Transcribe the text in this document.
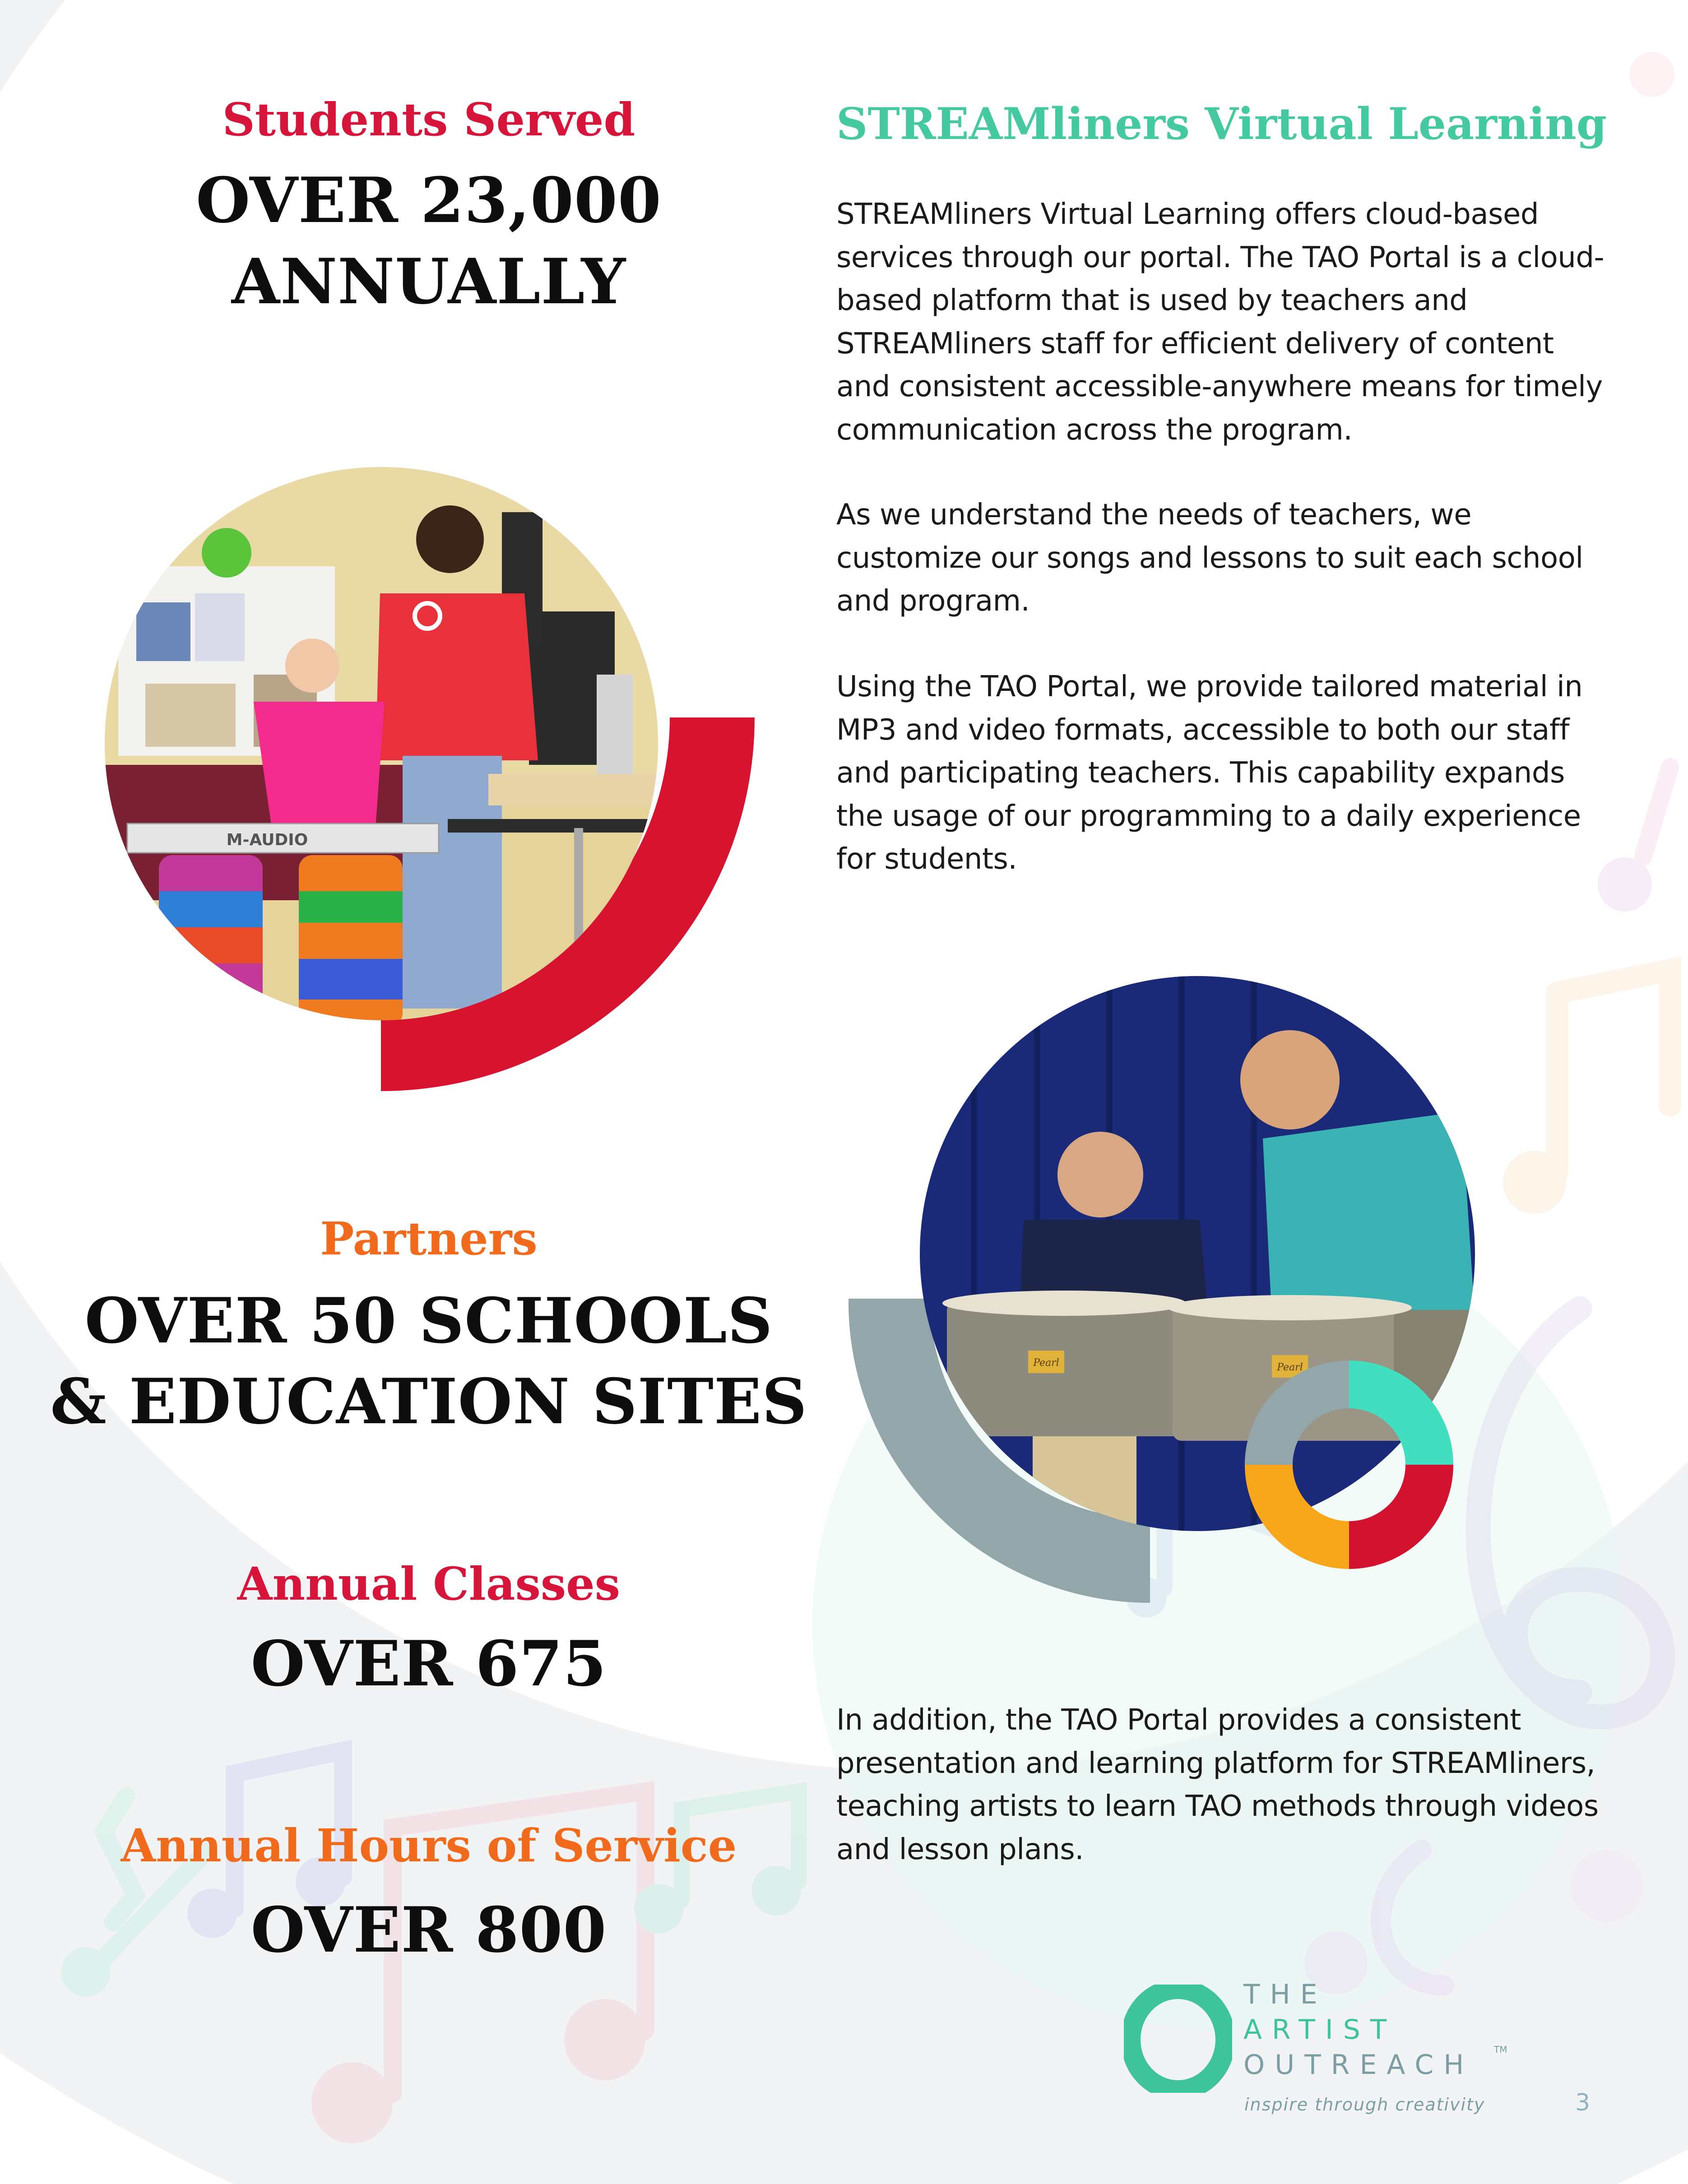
Students Served
OVER 23,000
ANNUALLY
Partners
OVER 50 SCHOOLS
& EDUCATION SITES
Annual Classes
OVER 675
Annual Hours of Service
OVER 800
STREAMliners Virtual Learning

STREAMliners Virtual Learning offers cloud-based services through our portal. The TAO Portal is a cloud-based platform that is used by teachers and STREAMliners staff for efficient delivery of content and consistent accessible-anywhere means for timely communication across the program.

As we understand the needs of teachers, we customize our songs and lessons to suit each school and program.

Using the TAO Portal, we provide tailored material in MP3 and video formats, accessible to both our staff and participating teachers. This capability expands the usage of our programming to a daily experience for students.

In addition, the TAO Portal provides a consistent presentation and learning platform for STREAMliners, teaching artists to learn TAO methods through videos and lesson plans.

M-AUDIO
Pearl	Pearl
THE
ARTIST
OUTREACH TM
inspire through creativity	3
